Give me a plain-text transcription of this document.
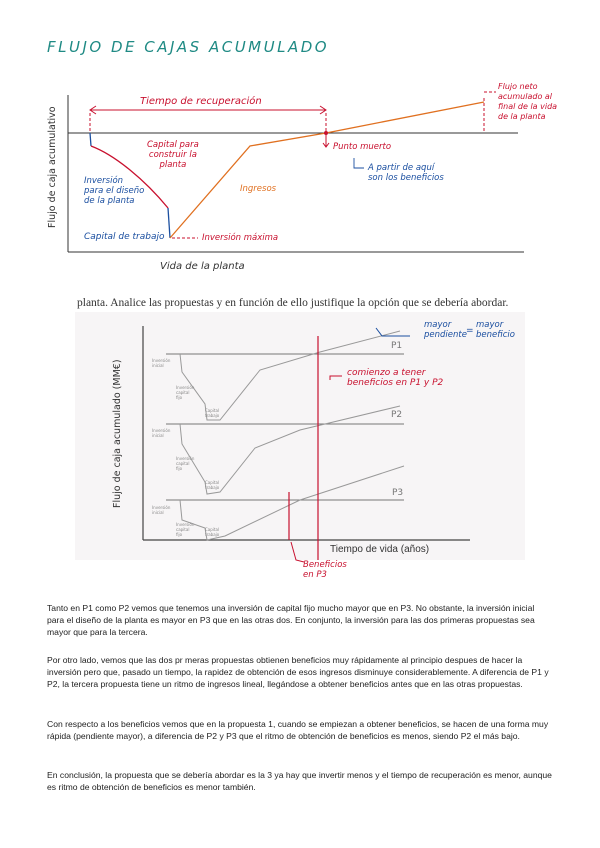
FLUJO DE CAJAS ACUMULADO
Flujo de caja acumulativo
Vida de la planta
Tiempo de recuperación
Flujo neto
acumulado al
final de la vida
de la planta
Capital para
construir la
planta
Inversión
para el diseño
de la planta
Capital de trabajo	Inversión máxima
Ingresos
Punto muerto
A partir de aquí
son los beneficios
planta. Analice las propuestas y en función de ello justifique la opción que se debería abordar.
Flujo de caja acumulado (MM€)
Tiempo de vida (años)
P1
P2
P3
Inversión inicial
Inversión capital fijo
Capital trabajo
Inversión inicial
Inversión capital fijo
Capital trabajo
Inversión inicial
Inversión capital fijo
Capital trabajo
mayor
pendiente =
mayor
beneficio
comienzo a tener
beneficios en P1 y P2
Beneficios
en P3
Tanto en P1 como P2 vemos que tenemos una inversión de capital fijo mucho mayor que en P3. No obstante, la inversión inicial para el diseño de la planta es mayor en P3 que en las otras dos. En conjunto, la inversión para las dos primeras propuestas sea mayor que para la tercera.
Por otro lado, vemos que las dos pr meras propuestas obtienen beneficios muy rápidamente al principio despues de hacer la inversión pero que, pasado un tiempo, la rapidez de obtención de esos ingresos disminuye considerablemente. A diferencia de P1 y P2, la tercera propuesta tiene un ritmo de ingresos lineal, llegándose a obtener beneficios antes que en las otras propuestas.
Con respecto a los beneficios vemos que en la propuesta 1, cuando se empiezan a obtener beneficios, se hacen de una forma muy rápida (pendiente mayor), a diferencia de P2 y P3 que el ritmo de obtención de beneficios es menos, siendo P2 el más bajo.
En conclusión, la propuesta que se debería abordar es la 3 ya hay que invertir menos y el tiempo de recuperación es menor, aunque es ritmo de obtención de beneficios es menor también.
